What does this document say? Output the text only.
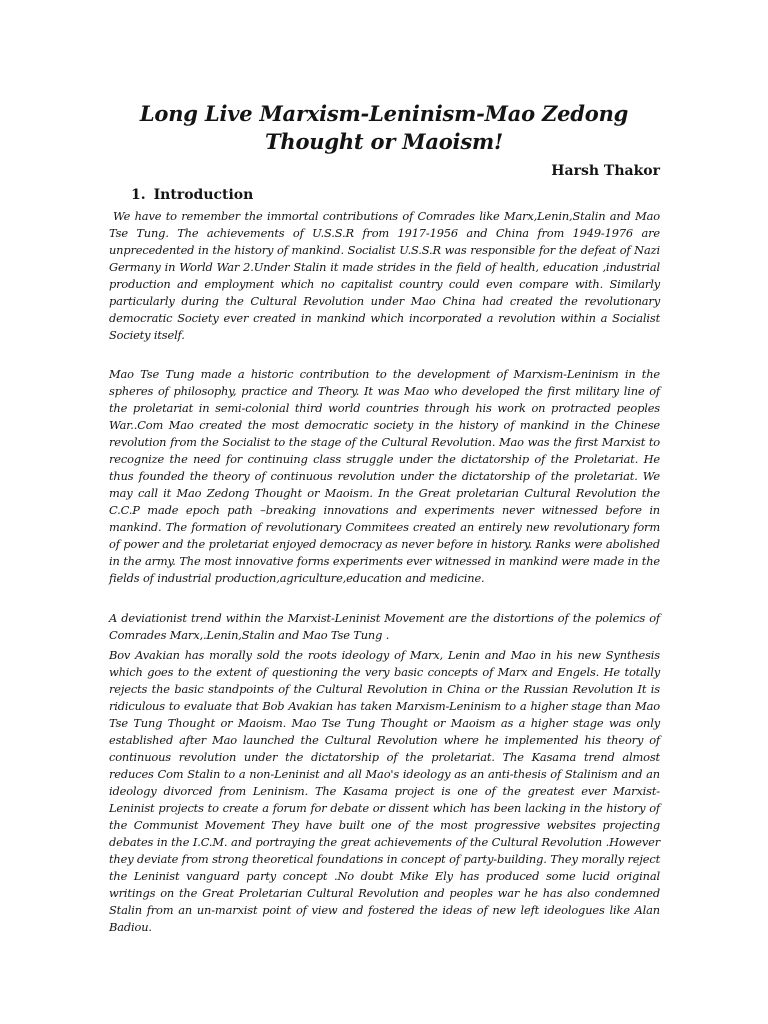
Long Live Marxism-Leninism-Mao Zedong Thought or Maoism!
Harsh Thakor
1. Introduction

We have to remember the immortal contributions of Comrades like Marx,Lenin,Stalin and Mao Tse Tung. The achievements of U.S.S.R from 1917-1956 and China from 1949-1976 are unprecedented in the history of mankind. Socialist U.S.S.R was responsible for the defeat of Nazi Germany in World War 2.Under Stalin it made strides in the field of health, education ,industrial production and employment which no capitalist country could even compare with. Similarly particularly during the Cultural Revolution under Mao China had created the revolutionary democratic Society ever created in mankind which incorporated a revolution within a Socialist Society itself.

Mao Tse Tung made a historic contribution to the development of Marxism-Leninism in the spheres of philosophy, practice and Theory. It was Mao who developed the first military line of the proletariat in semi-colonial third world countries through his work on protracted peoples War..Com Mao created the most democratic society in the history of mankind in the Chinese revolution from the Socialist to the stage of the Cultural Revolution. Mao was the first Marxist to recognize the need for continuing class struggle under the dictatorship of the Proletariat. He thus founded the theory of continuous revolution under the dictatorship of the proletariat. We may call it Mao Zedong Thought or Maoism. In the Great proletarian Cultural Revolution the C.C.P made epoch path –breaking innovations and experiments never witnessed before in mankind. The formation of revolutionary Commitees created an entirely new revolutionary form of power and the proletariat enjoyed democracy as never before in history. Ranks were abolished in the army. The most innovative forms experiments ever witnessed in mankind were made in the fields of industrial production,agriculture,education and medicine.

A deviationist trend within the Marxist-Leninist Movement are the distortions of the polemics of Comrades Marx,.Lenin,Stalin and Mao Tse Tung .

Bov Avakian has morally sold the roots ideology of Marx, Lenin and Mao in his new Synthesis which goes to the extent of questioning the very basic concepts of Marx and Engels. He totally rejects the basic standpoints of the Cultural Revolution in China or the Russian Revolution It is ridiculous to evaluate that Bob Avakian has taken Marxism-Leninism to a higher stage than Mao Tse Tung Thought or Maoism. Mao Tse Tung Thought or Maoism as a higher stage was only established after Mao launched the Cultural Revolution where he implemented his theory of continuous revolution under the dictatorship of the proletariat. The Kasama trend almost reduces Com Stalin to a non-Leninist and all Mao's ideology as an anti-thesis of Stalinism and an ideology divorced from Leninism. The Kasama project is one of the greatest ever Marxist-Leninist projects to create a forum for debate or dissent which has been lacking in the history of the Communist Movement They have built one of the most progressive websites projecting debates in the I.C.M. and portraying the great achievements of the Cultural Revolution .However they deviate from strong theoretical foundations in concept of party-building. They morally reject the Leninist vanguard party concept .No doubt Mike Ely has produced some lucid original writings on the Great Proletarian Cultural Revolution and peoples war he has also condemned Stalin from an un-marxist point of view and fostered the ideas of new left ideologues like Alan Badiou.
